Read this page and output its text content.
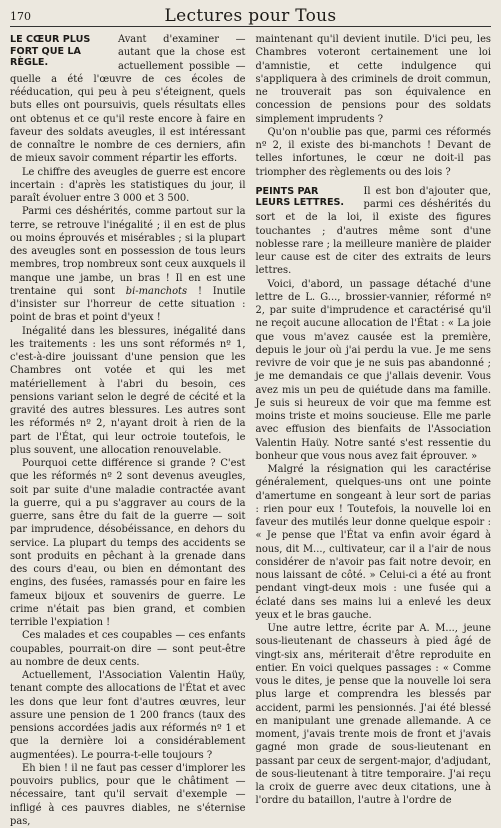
170	Lectures pour Tous

LE CŒUR PLUS FORT QUE LA RÈGLE.
Avant d'examiner — autant que la chose est actuellement possible — quelle a été l'œuvre de ces écoles de rééducation, qui peu à peu s'éteignent, quels buts elles ont poursuivis, quels résultats elles ont obtenus et ce qu'il reste encore à faire en faveur des soldats aveugles, il est intéressant de connaître le nombre de ces derniers, afin de mieux savoir comment répartir les efforts.

Le chiffre des aveugles de guerre est encore incertain : d'après les statistiques du jour, il paraît évoluer entre 3 000 et 3 500.

Parmi ces déshérités, comme partout sur la terre, se retrouve l'inégalité ; il en est de plus ou moins éprouvés et misérables ; si la plupart des aveugles sont en possession de tous leurs membres, trop nombreux sont ceux auxquels il manque une jambe, un bras ! Il en est une trentaine qui sont bi-manchots ! Inutile d'insister sur l'horreur de cette situation : point de bras et point d'yeux !

Inégalité dans les blessures, inégalité dans les traitements : les uns sont réformés nº 1, c'est-à-dire jouissant d'une pension que les Chambres ont votée et qui les met matériellement à l'abri du besoin, ces pensions variant selon le degré de cécité et la gravité des autres blessures. Les autres sont les réformés nº 2, n'ayant droit à rien de la part de l'État, qui leur octroie toutefois, le plus souvent, une allocation renouvelable.

Pourquoi cette différence si grande ? C'est que les réformés nº 2 sont devenus aveugles, soit par suite d'une maladie contractée avant la guerre, qui a pu s'aggraver au cours de la guerre, sans être du fait de la guerre — soit par imprudence, désobéissance, en dehors du service. La plupart du temps des accidents se sont produits en pêchant à la grenade dans des cours d'eau, ou bien en démontant des engins, des fusées, ramassés pour en faire les fameux bijoux et souvenirs de guerre. Le crime n'était pas bien grand, et combien terrible l'expiation !

Ces malades et ces coupables — ces enfants coupables, pourrait-on dire — sont peut-être au nombre de deux cents.

Actuellement, l'Association Valentin Haüy, tenant compte des allocations de l'État et avec les dons que leur font d'autres œuvres, leur assure une pension de 1 200 francs (taux des pensions accordées jadis aux réformés nº 1 et que la dernière loi a considérablement augmentées). Le pourra-t-elle toujours ?

Eh bien ! il ne faut pas cesser d'implorer les pouvoirs publics, pour que le châtiment — nécessaire, tant qu'il servait d'exemple — infligé à ces pauvres diables, ne s'éternise pas,

maintenant qu'il devient inutile. D'ici peu, les Chambres voteront certainement une loi d'amnistie, et cette indulgence qui s'appliquera à des criminels de droit commun, ne trouverait pas son équivalence en concession de pensions pour des soldats simplement imprudents ?

Qu'on n'oublie pas que, parmi ces réformés nº 2, il existe des bi-manchots ! Devant de telles infortunes, le cœur ne doit-il pas triompher des règlements ou des lois ?

PEINTS PAR LEURS LETTRES.
Il est bon d'ajouter que, parmi ces déshérités du sort et de la loi, il existe des figures touchantes ; d'autres même sont d'une noblesse rare ; la meilleure manière de plaider leur cause est de citer des extraits de leurs lettres.

Voici, d'abord, un passage détaché d'une lettre de L. G..., brossier-vannier, réformé nº 2, par suite d'imprudence et caractérisé qu'il ne reçoit aucune allocation de l'État : « La joie que vous m'avez causée est la première, depuis le jour où j'ai perdu la vue. Je me sens revivre de voir que je ne suis pas abandonné ; je me demandais ce que j'allais devenir. Vous avez mis un peu de quiétude dans ma famille. Je suis si heureux de voir que ma femme est moins triste et moins soucieuse. Elle me parle avec effusion des bienfaits de l'Association Valentin Haüy. Notre santé s'est ressentie du bonheur que vous nous avez fait éprouver. »

Malgré la résignation qui les caractérise généralement, quelques-uns ont une pointe d'amertume en songeant à leur sort de parias : rien pour eux ! Toutefois, la nouvelle loi en faveur des mutilés leur donne quelque espoir : « Je pense que l'État va enfin avoir égard à nous, dit M..., cultivateur, car il a l'air de nous considérer de n'avoir pas fait notre devoir, en nous laissant de côté. » Celui-ci a été au front pendant vingt-deux mois : une fusée qui a éclaté dans ses mains lui a enlevé les deux yeux et le bras gauche.

Une autre lettre, écrite par A. M..., jeune sous-lieutenant de chasseurs à pied âgé de vingt-six ans, mériterait d'être reproduite en entier. En voici quelques passages : « Comme vous le dites, je pense que la nouvelle loi sera plus large et comprendra les blessés par accident, parmi les pensionnés. J'ai été blessé en manipulant une grenade allemande. A ce moment, j'avais trente mois de front et j'avais gagné mon grade de sous-lieutenant en passant par ceux de sergent-major, d'adjudant, de sous-lieutenant à titre temporaire. J'ai reçu la croix de guerre avec deux citations, une à l'ordre du bataillon, l'autre à l'ordre de
